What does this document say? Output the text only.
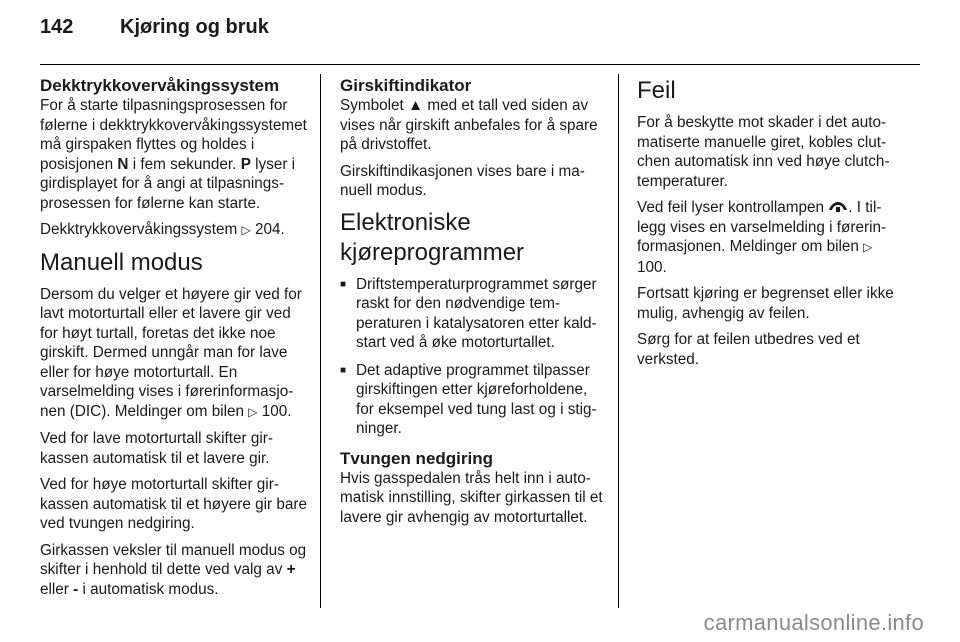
142 Kjøring og bruk

Dekktrykkovervåkingssystem

For å starte tilpasningsprosessen for følerne i dekktrykkovervåkingssystemet må girspaken flyttes og holdes i posisjonen N i fem sekunder. P lyser i girdisplayet for å angi at tilpasningsprosessen for følerne kan starte.

Dekktrykkovervåkingssystem ▷ 204.

Manuell modus

Dersom du velger et høyere gir ved for lavt motorturtall eller et lavere gir ved for høyt turtall, foretas det ikke noe girskift. Dermed unngår man for lave eller for høye motorturtall. En varselmelding vises i førerinformasjonen (DIC). Meldinger om bilen ▷ 100.

Ved for lave motorturtall skifter girkassen automatisk til et lavere gir.

Ved for høye motorturtall skifter girkassen automatisk til et høyere gir bare ved tvungen nedgiring.

Girkassen veksler til manuell modus og skifter i henhold til dette ved valg av + eller - i automatisk modus.

Girskiftindikator

Symbolet ▲ med et tall ved siden av vises når girskift anbefales for å spare på drivstoffet.

Girskiftindikasjonen vises bare i manuell modus.

Elektroniske kjøreprogrammer

■ Driftstemperaturprogrammet sørger raskt for den nødvendige temperaturen i katalysatoren etter kaldstart ved å øke motorturtallet.
■ Det adaptive programmet tilpasser girskiftingen etter kjøreforholdene, for eksempel ved tung last og i stigninger.

Tvungen nedgiring

Hvis gasspedalen trås helt inn i automatisk innstilling, skifter girkassen til et lavere gir avhengig av motorturtallet.

Feil

For å beskytte mot skader i det automatiserte manuelle giret, kobles clutchen automatisk inn ved høye clutchtemperaturer.

Ved feil lyser kontrollampen . I tillegg vises en varselmelding i førerinformasjonen. Meldinger om bilen ▷ 100.

Fortsatt kjøring er begrenset eller ikke mulig, avhengig av feilen.

Sørg for at feilen utbedres ved et verksted.

carmanualsonline.info
